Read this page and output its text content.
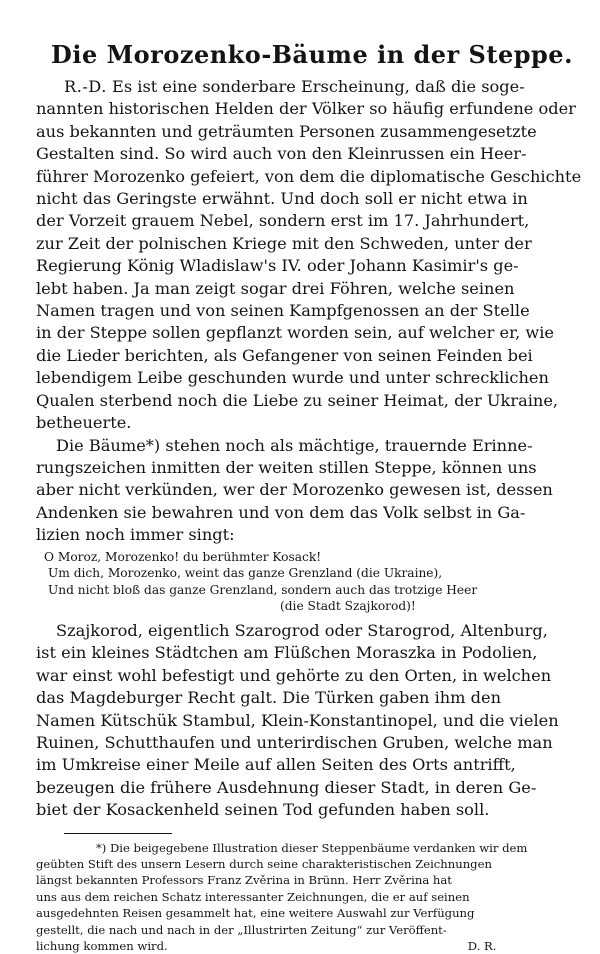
Die Morozenko-Bäume in der Steppe.
R.-D. Es ist eine sonderbare Erscheinung, daß die soge-
nannten historischen Helden der Völker so häufig erfundene oder
aus bekannten und geträumten Personen zusammengesetzte
Gestalten sind. So wird auch von den Kleinrussen ein Heer-
führer Morozenko gefeiert, von dem die diplomatische Geschichte
nicht das Geringste erwähnt. Und doch soll er nicht etwa in
der Vorzeit grauem Nebel, sondern erst im 17. Jahrhundert,
zur Zeit der polnischen Kriege mit den Schweden, unter der
Regierung König Wladislaw's IV. oder Johann Kasimir's ge-
lebt haben. Ja man zeigt sogar drei Föhren, welche seinen
Namen tragen und von seinen Kampfgenossen an der Stelle
in der Steppe sollen gepflanzt worden sein, auf welcher er, wie
die Lieder berichten, als Gefangener von seinen Feinden bei
lebendigem Leibe geschunden wurde und unter schrecklichen
Qualen sterbend noch die Liebe zu seiner Heimat, der Ukraine,
betheuerte.
Die Bäume*) stehen noch als mächtige, trauernde Erinne-
rungszeichen inmitten der weiten stillen Steppe, können uns
aber nicht verkünden, wer der Morozenko gewesen ist, dessen
Andenken sie bewahren und von dem das Volk selbst in Ga-
lizien noch immer singt:
O Moroz, Morozenko! du berühmter Kosack!
Um dich, Morozenko, weint das ganze Grenzland (die Ukraine),
Und nicht bloß das ganze Grenzland, sondern auch das trotzige Heer
(die Stadt Szajkorod)!
Szajkorod, eigentlich Szarogrod oder Starogrod, Altenburg,
ist ein kleines Städtchen am Flüßchen Moraszka in Podolien,
war einst wohl befestigt und gehörte zu den Orten, in welchen
das Magdeburger Recht galt. Die Türken gaben ihm den
Namen Kütschük Stambul, Klein-Konstantinopel, und die vielen
Ruinen, Schutthaufen und unterirdischen Gruben, welche man
im Umkreise einer Meile auf allen Seiten des Orts antrifft,
bezeugen die frühere Ausdehnung dieser Stadt, in deren Ge-
biet der Kosackenheld seinen Tod gefunden haben soll.
*) Die beigegebene Illustration dieser Steppenbäume verdanken wir dem
geübten Stift des unsern Lesern durch seine charakteristischen Zeichnungen
längst bekannten Professors Franz Zvěrina in Brünn. Herr Zvěrina hat
uns aus dem reichen Schatz interessanter Zeichnungen, die er auf seinen
ausgedehnten Reisen gesammelt hat, eine weitere Auswahl zur Verfügung
gestellt, die nach und nach in der „Illustrirten Zeitung“ zur Veröffent-
lichung kommen wird.	D. R.
